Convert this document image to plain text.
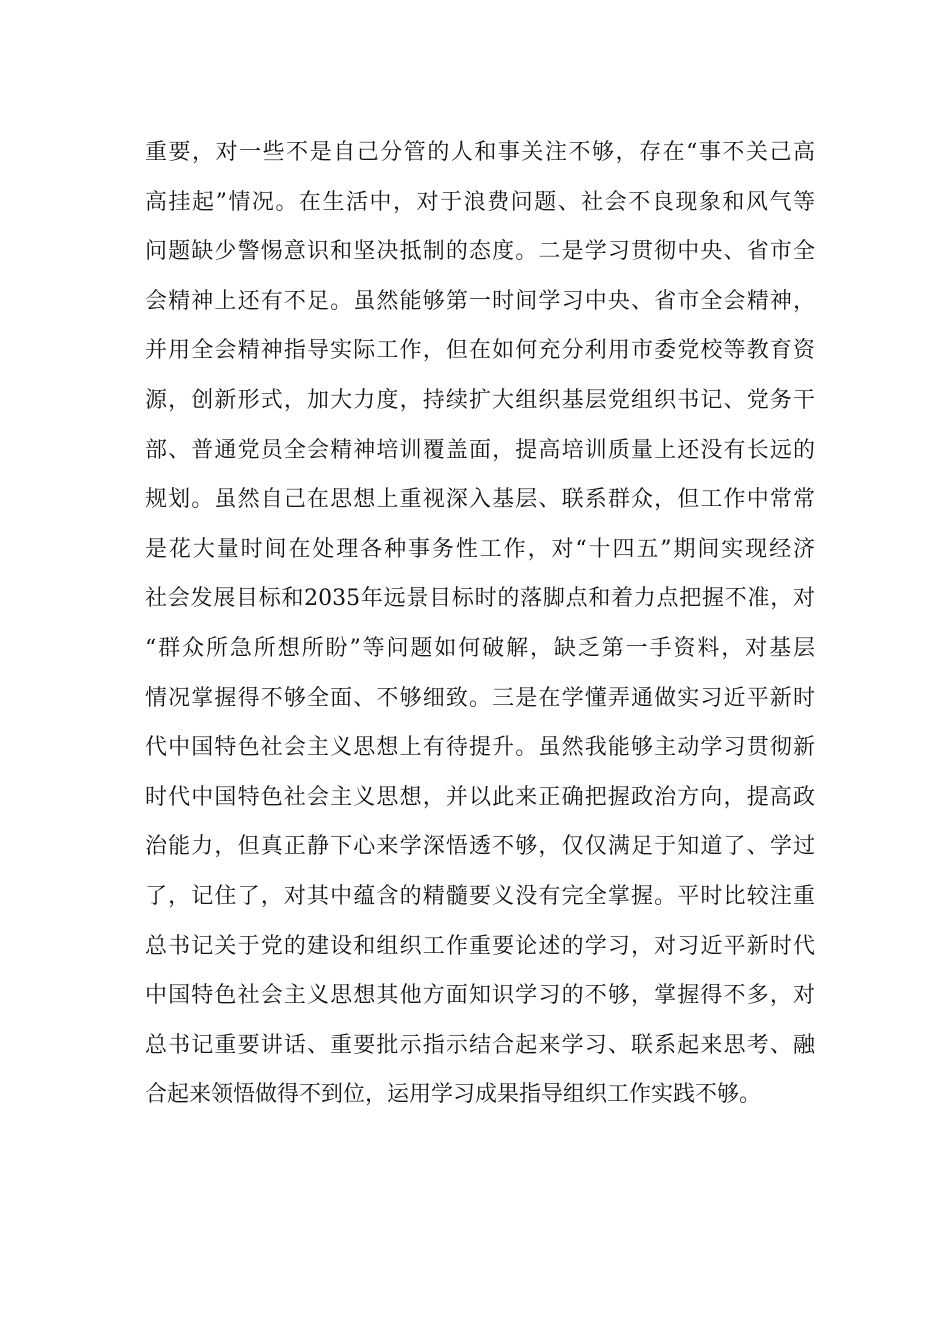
重要，对一些不是自己分管的人和事关注不够，存在“事不关己高
高挂起”情况。在生活中，对于浪费问题、社会不良现象和风气等
问题缺少警惕意识和坚决抵制的态度。二是学习贯彻中央、省市全
会精神上还有不足。虽然能够第一时间学习中央、省市全会精神，
并用全会精神指导实际工作，但在如何充分利用市委党校等教育资
源，创新形式，加大力度，持续扩大组织基层党组织书记、党务干
部、普通党员全会精神培训覆盖面，提高培训质量上还没有长远的
规划。虽然自己在思想上重视深入基层、联系群众，但工作中常常
是花大量时间在处理各种事务性工作，对“十四五”期间实现经济
社会发展目标和2035年远景目标时的落脚点和着力点把握不准，对
“群众所急所想所盼”等问题如何破解，缺乏第一手资料，对基层
情况掌握得不够全面、不够细致。三是在学懂弄通做实习近平新时
代中国特色社会主义思想上有待提升。虽然我能够主动学习贯彻新
时代中国特色社会主义思想，并以此来正确把握政治方向，提高政
治能力，但真正静下心来学深悟透不够，仅仅满足于知道了、学过
了，记住了，对其中蕴含的精髓要义没有完全掌握。平时比较注重
总书记关于党的建设和组织工作重要论述的学习，对习近平新时代
中国特色社会主义思想其他方面知识学习的不够，掌握得不多，对
总书记重要讲话、重要批示指示结合起来学习、联系起来思考、融
合起来领悟做得不到位，运用学习成果指导组织工作实践不够。
